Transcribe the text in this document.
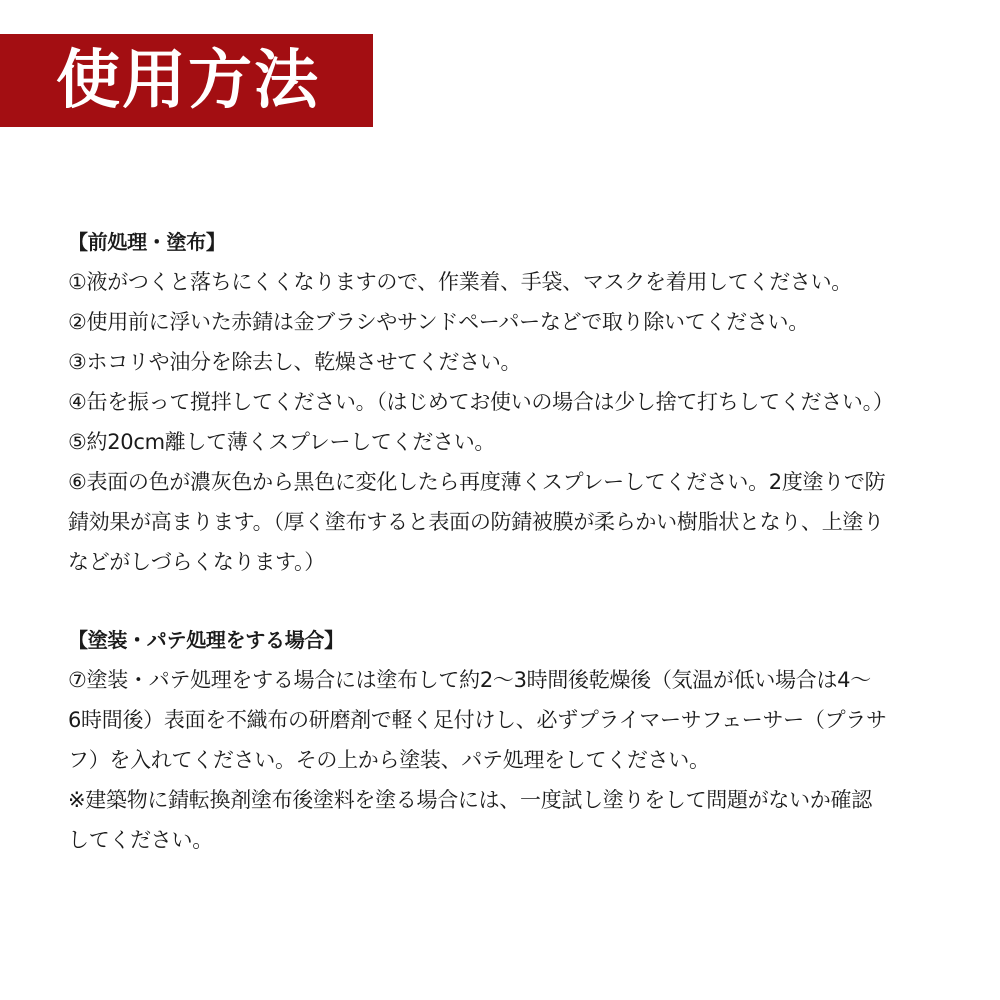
使用方法
【前処理・塗布】
①液がつくと落ちにくくなりますので、作業着、手袋、マスクを着用してください。
②使用前に浮いた赤錆は金ブラシやサンドペーパーなどで取り除いてください。
③ホコリや油分を除去し、乾燥させてください。
④缶を振って撹拌してください。（はじめてお使いの場合は少し捨て打ちしてください。）
⑤約20cm離して薄くスプレーしてください。
⑥表面の色が濃灰色から黒色に変化したら再度薄くスプレーしてください。2度塗りで防
錆効果が高まります。（厚く塗布すると表面の防錆被膜が柔らかい樹脂状となり、上塗り
などがしづらくなります。）
【塗装・パテ処理をする場合】
⑦塗装・パテ処理をする場合には塗布して約2～3時間後乾燥後（気温が低い場合は4～
6時間後）表面を不織布の研磨剤で軽く足付けし、必ずプライマーサフェーサー（プラサ
フ）を入れてください。その上から塗装、パテ処理をしてください。
※建築物に錆転換剤塗布後塗料を塗る場合には、一度試し塗りをして問題がないか確認
してください。
